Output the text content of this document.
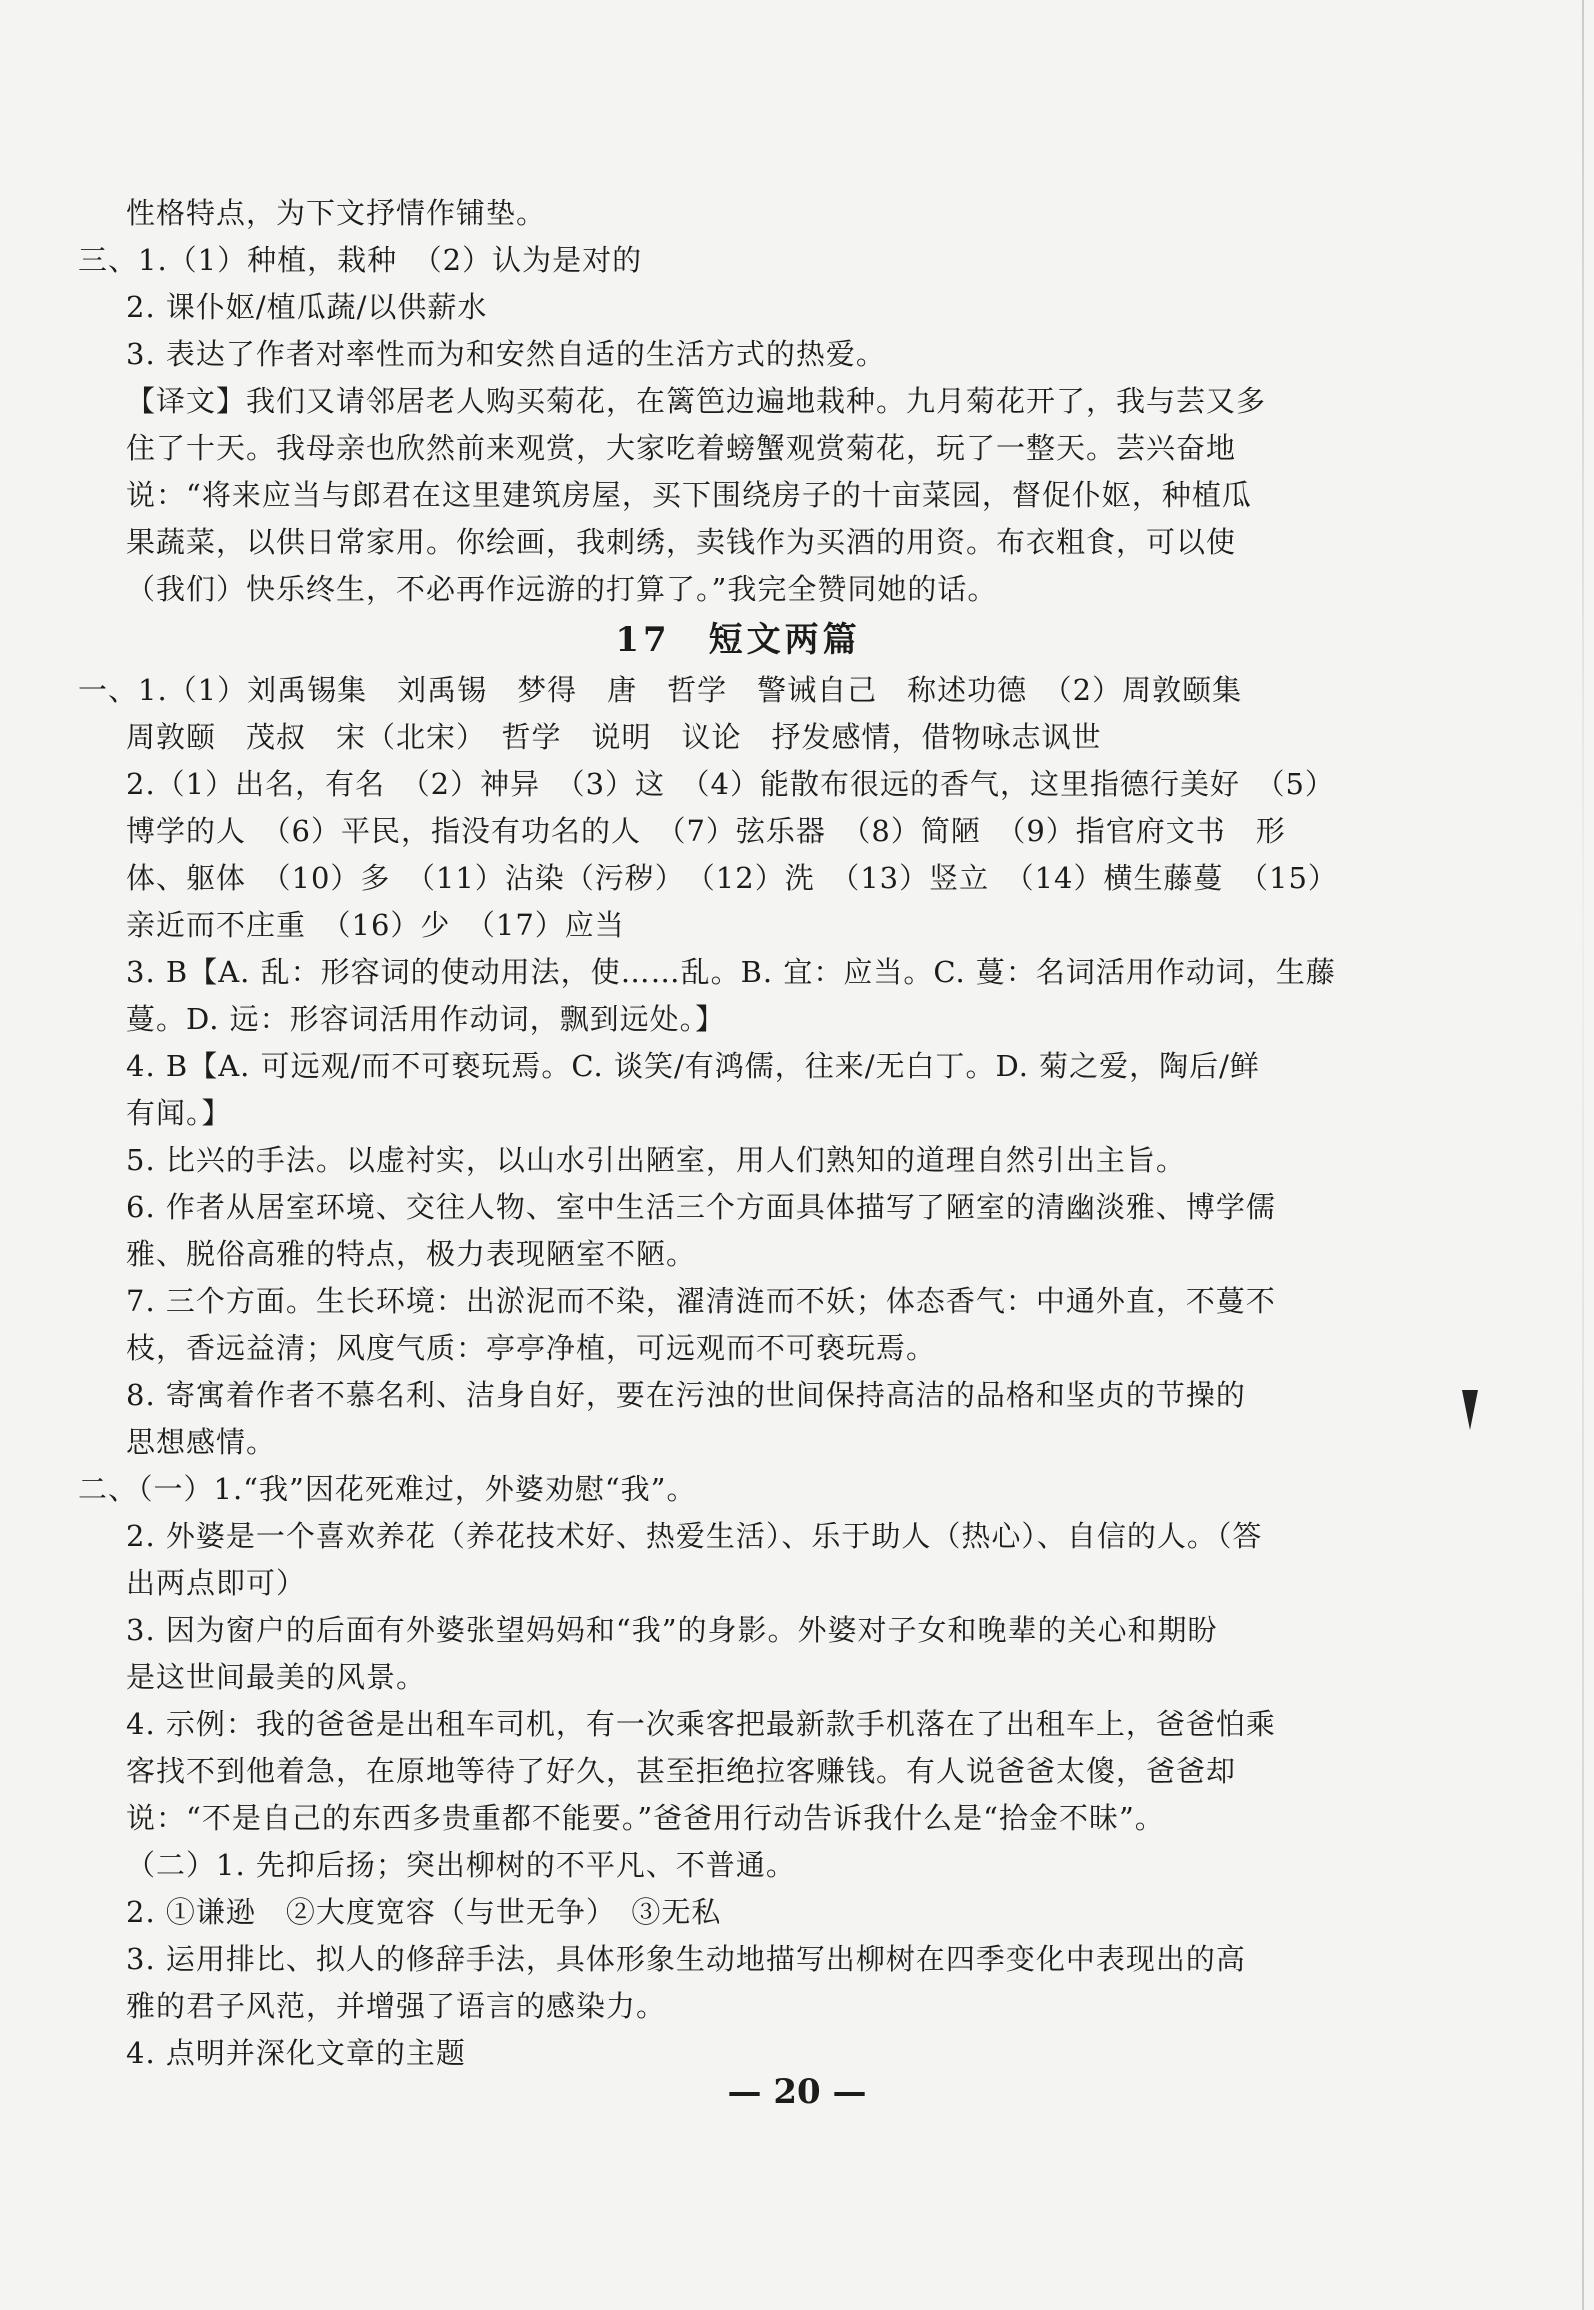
性格特点，为下文抒情作铺垫。
三、1.（1）种植，栽种　（2）认为是对的
2. 课仆妪/植瓜蔬/以供薪水
3. 表达了作者对率性而为和安然自适的生活方式的热爱。
【译文】我们又请邻居老人购买菊花，在篱笆边遍地栽种。九月菊花开了，我与芸又多
住了十天。我母亲也欣然前来观赏，大家吃着螃蟹观赏菊花，玩了一整天。芸兴奋地
说：“将来应当与郎君在这里建筑房屋，买下围绕房子的十亩菜园，督促仆妪，种植瓜
果蔬菜，以供日常家用。你绘画，我刺绣，卖钱作为买酒的用资。布衣粗食，可以使
（我们）快乐终生，不必再作远游的打算了。”我完全赞同她的话。
17　短文两篇
一、1.（1）刘禹锡集　刘禹锡　梦得　唐　哲学　警诫自己　称述功德　（2）周敦颐集
周敦颐　茂叔　宋（北宋）　哲学　说明　议论　抒发感情，借物咏志讽世
2.（1）出名，有名　（2）神异　（3）这　（4）能散布很远的香气，这里指德行美好　（5）
博学的人　（6）平民，指没有功名的人　（7）弦乐器　（8）简陋　（9）指官府文书　形
体、躯体　（10）多　（11）沾染（污秽）　（12）洗　（13）竖立　（14）横生藤蔓　（15）
亲近而不庄重　（16）少　（17）应当
3. B【A. 乱：形容词的使动用法，使……乱。B. 宜：应当。C. 蔓：名词活用作动词，生藤
蔓。D. 远：形容词活用作动词，飘到远处。】
4. B【A. 可远观/而不可亵玩焉。C. 谈笑/有鸿儒，往来/无白丁。D. 菊之爱，陶后/鲜
有闻。】
5. 比兴的手法。以虚衬实，以山水引出陋室，用人们熟知的道理自然引出主旨。
6. 作者从居室环境、交往人物、室中生活三个方面具体描写了陋室的清幽淡雅、博学儒
雅、脱俗高雅的特点，极力表现陋室不陋。
7. 三个方面。生长环境：出淤泥而不染，濯清涟而不妖；体态香气：中通外直，不蔓不
枝，香远益清；风度气质：亭亭净植，可远观而不可亵玩焉。
8. 寄寓着作者不慕名利、洁身自好，要在污浊的世间保持高洁的品格和坚贞的节操的
思想感情。
二、（一）1.“我”因花死难过，外婆劝慰“我”。
2. 外婆是一个喜欢养花（养花技术好、热爱生活）、乐于助人（热心）、自信的人。（答
出两点即可）
3. 因为窗户的后面有外婆张望妈妈和“我”的身影。外婆对子女和晚辈的关心和期盼
是这世间最美的风景。
4. 示例：我的爸爸是出租车司机，有一次乘客把最新款手机落在了出租车上，爸爸怕乘
客找不到他着急，在原地等待了好久，甚至拒绝拉客赚钱。有人说爸爸太傻，爸爸却
说：“不是自己的东西多贵重都不能要。”爸爸用行动告诉我什么是“拾金不昧”。
（二）1. 先抑后扬；突出柳树的不平凡、不普通。
2. ①谦逊　②大度宽容（与世无争）　③无私
3. 运用排比、拟人的修辞手法，具体形象生动地描写出柳树在四季变化中表现出的高
雅的君子风范，并增强了语言的感染力。
4. 点明并深化文章的主题
— 20 —
